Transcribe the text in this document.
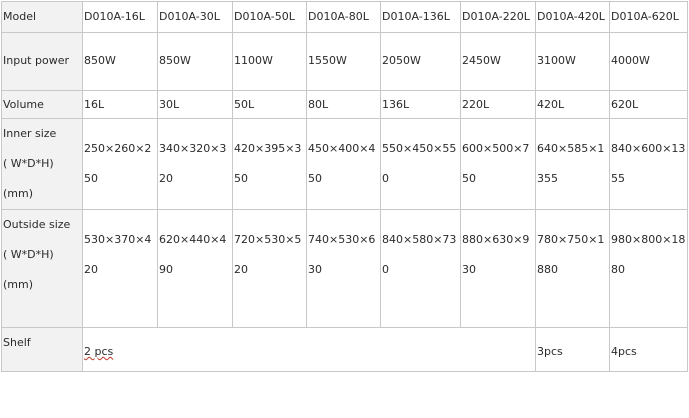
Model	D010A-16L	D010A-30L	D010A-50L	D010A-80L	D010A-136L	D010A-220L	D010A-420L	D010A-620L

Input power	850W	850W	1100W	1550W	2050W	2450W	3100W	4000W

Volume	16L	30L	50L	80L	136L	220L	420L	620L

Inner size
( W*D*H)
(mm)	250×260×250	340×320×320	420×395×350	450×400×450	550×450×550	600×500×750	640×585×1355	840×600×1355

Outside size
( W*D*H)
(mm)	530×370×420	620×440×490	720×530×520	740×530×630	840×580×730	880×630×930	780×750×1880	980×800×1880

Shelf	2 pcs						3pcs	4pcs
